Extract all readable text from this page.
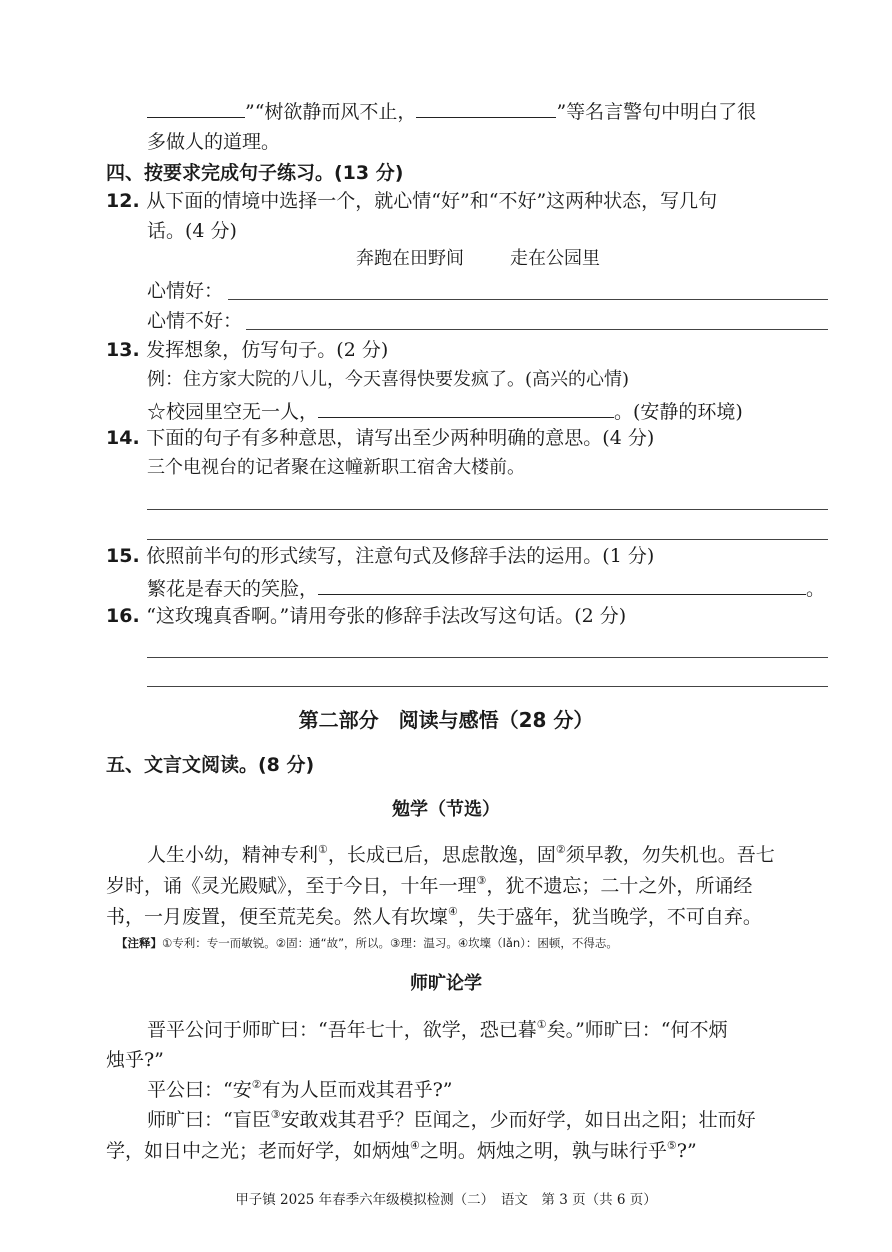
”“树欲静而风不止，	”等名言警句中明白了很
多做人的道理。
四、按要求完成句子练习。(13 分)
12. 从下面的情境中选择一个，就心情“好”和“不好”这两种状态，写几句
话。(4 分)
奔跑在田野间	走在公园里
心情好：
心情不好：
13. 发挥想象，仿写句子。(2 分)
例：住方家大院的八儿，今天喜得快要发疯了。(高兴的心情)
☆校园里空无一人，	。(安静的环境)
14. 下面的句子有多种意思，请写出至少两种明确的意思。(4 分)
三个电视台的记者聚在这幢新职工宿舍大楼前。
15. 依照前半句的形式续写，注意句式及修辞手法的运用。(1 分)
繁花是春天的笑脸，	。
16. “这玫瑰真香啊。”请用夸张的修辞手法改写这句话。(2 分)
第二部分　阅读与感悟（28 分）
五、文言文阅读。(8 分)
勉学（节选）
人生小幼，精神专利①，长成已后，思虑散逸，固②须早教，勿失机也。吾七
岁时，诵《灵光殿赋》，至于今日，十年一理③，犹不遗忘；二十之外，所诵经
书，一月废置，便至荒芜矣。然人有坎壈④，失于盛年，犹当晚学，不可自弃。
【注释】①专利：专一而敏锐。②固：通“故”，所以。③理：温习。④坎壈（lǎn）：困顿，不得志。
师旷论学
晋平公问于师旷曰：“吾年七十，欲学，恐已暮①矣。”师旷曰：“何不炳
烛乎?”
平公曰：“安②有为人臣而戏其君乎?”
师旷曰：“盲臣③安敢戏其君乎？臣闻之，少而好学，如日出之阳；壮而好
学，如日中之光；老而好学，如炳烛④之明。炳烛之明，孰与昧行乎⑤?”
甲子镇 2025 年春季六年级模拟检测（二）　语文　第 3 页（共 6 页）
